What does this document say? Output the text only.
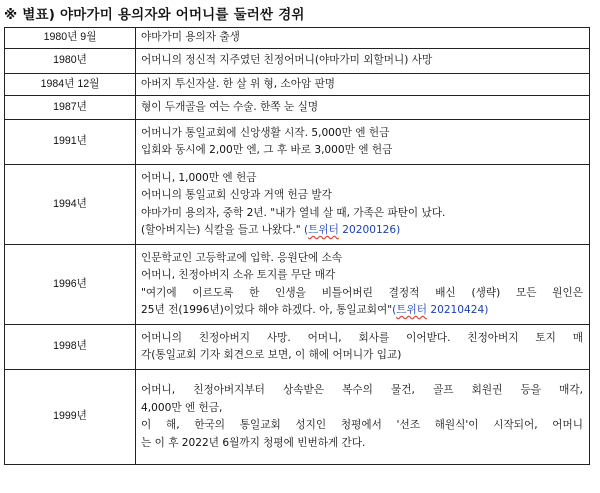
※ 별표) 야마가미 용의자와 어머니를 둘러싼 경위
1980년 9월	야마가미 용의자 출생

1980년	어머니의 정신적 지주였던 친정어머니(야마가미 외할머니) 사망

1984년 12월	아버지 투신자살. 한 살 위 형, 소아암 판명

1987년	형이 두개골을 여는 수술. 한쪽 눈 실명

1991년	어머니가 통일교회에 신앙생활 시작. 5,000만 엔 헌금
입회와 동시에 2,00만 엔, 그 후 바로 3,000만 엔 헌금

1994년	어머니, 1,000만 엔 헌금
어머니의 통일교회 신앙과 거액 헌금 발각
야마가미 용의자, 중학 2년. "내가 열네 살 때, 가족은 파탄이 났다.
(할아버지는) 식칼을 들고 나왔다." (트위터 20200126)

1996년	인문학교인 고등학교에 입학. 응원단에 소속
어머니, 친정아버지 소유 토지를 무단 매각
"여기에 이르도록 한 인생을 비틀어버린 결정적 배신 (생략) 모든 원인은
25년 전(1996년)이었다 해야 하겠다. 아, 통일교회여"(트위터 20210424)

1998년	어머니의 친정아버지 사망. 어머니, 회사를 이어받다. 친정아버지 토지 매
각(통일교회 기자 회견으로 보면, 이 해에 어머니가 입교)

1999년	어머니, 친정아버지부터 상속받은 복수의 물건, 골프 회원권 등을 매각,
4,000만 엔 헌금,
이 해, 한국의 통일교회 성지인 청평에서 '선조 해원식'이 시작되어, 어머니
는 이 후 2022년 6월까지 청평에 빈번하게 간다.
